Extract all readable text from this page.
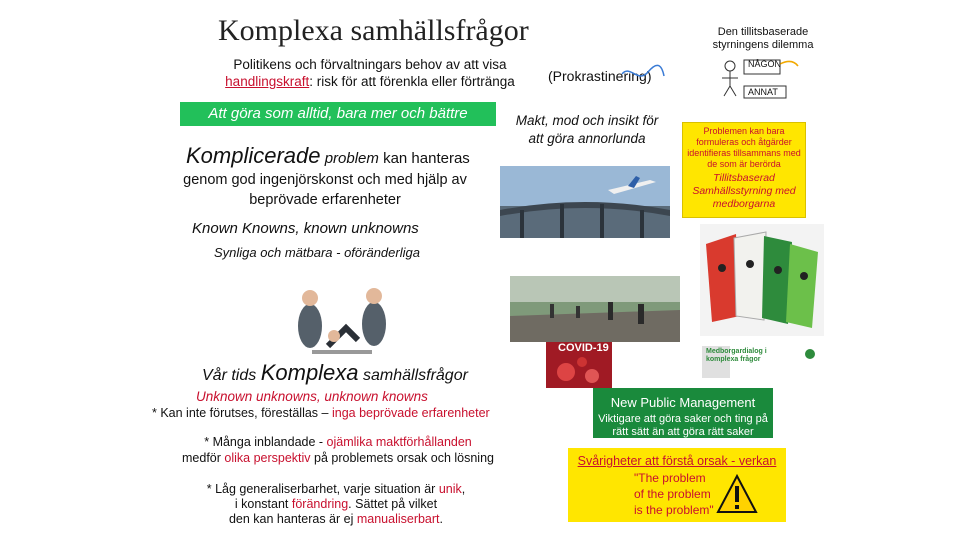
Komplexa samhällsfrågor
Politikens och förvaltningars behov av att visa
handlingskraft: risk för att förenkla eller förtränga	(Prokrastinering)
Att göra som alltid, bara mer och bättre	Makt, mod och insikt för att göra annorlunda
Komplicerade problem kan hanteras
genom god ingenjörskonst och med hjälp av beprövade erfarenheter
Known Knowns, known unknowns
Synliga och mätbara - oföränderliga
COVID-19
NÅGON
ANNAT
Den tillitsbaserade styrningens dilemma
Problemen kan bara formuleras och åtgärder identifieras tillsammans med de som är berörda
Tillitsbaserad Samhällsstyrning med medborgarna
Medborgardialog i komplexa frågor
Vår tids Komplexa samhällsfrågor
Unknown unknowns, unknown knowns
* Kan inte förutses, föreställas – inga beprövade erfarenheter
* Många inblandade - ojämlika maktförhållanden
medför olika perspektiv på problemets orsak och lösning
* Låg generaliserbarhet, varje situation är unik,
i konstant förändring. Sättet på vilket
den kan hanteras är ej manualiserbart.
New Public Management
Viktigare att göra saker och ting på rätt sätt än att göra rätt saker
Svårigheter att förstå orsak - verkan
"The problem
of the problem
is the problem"
